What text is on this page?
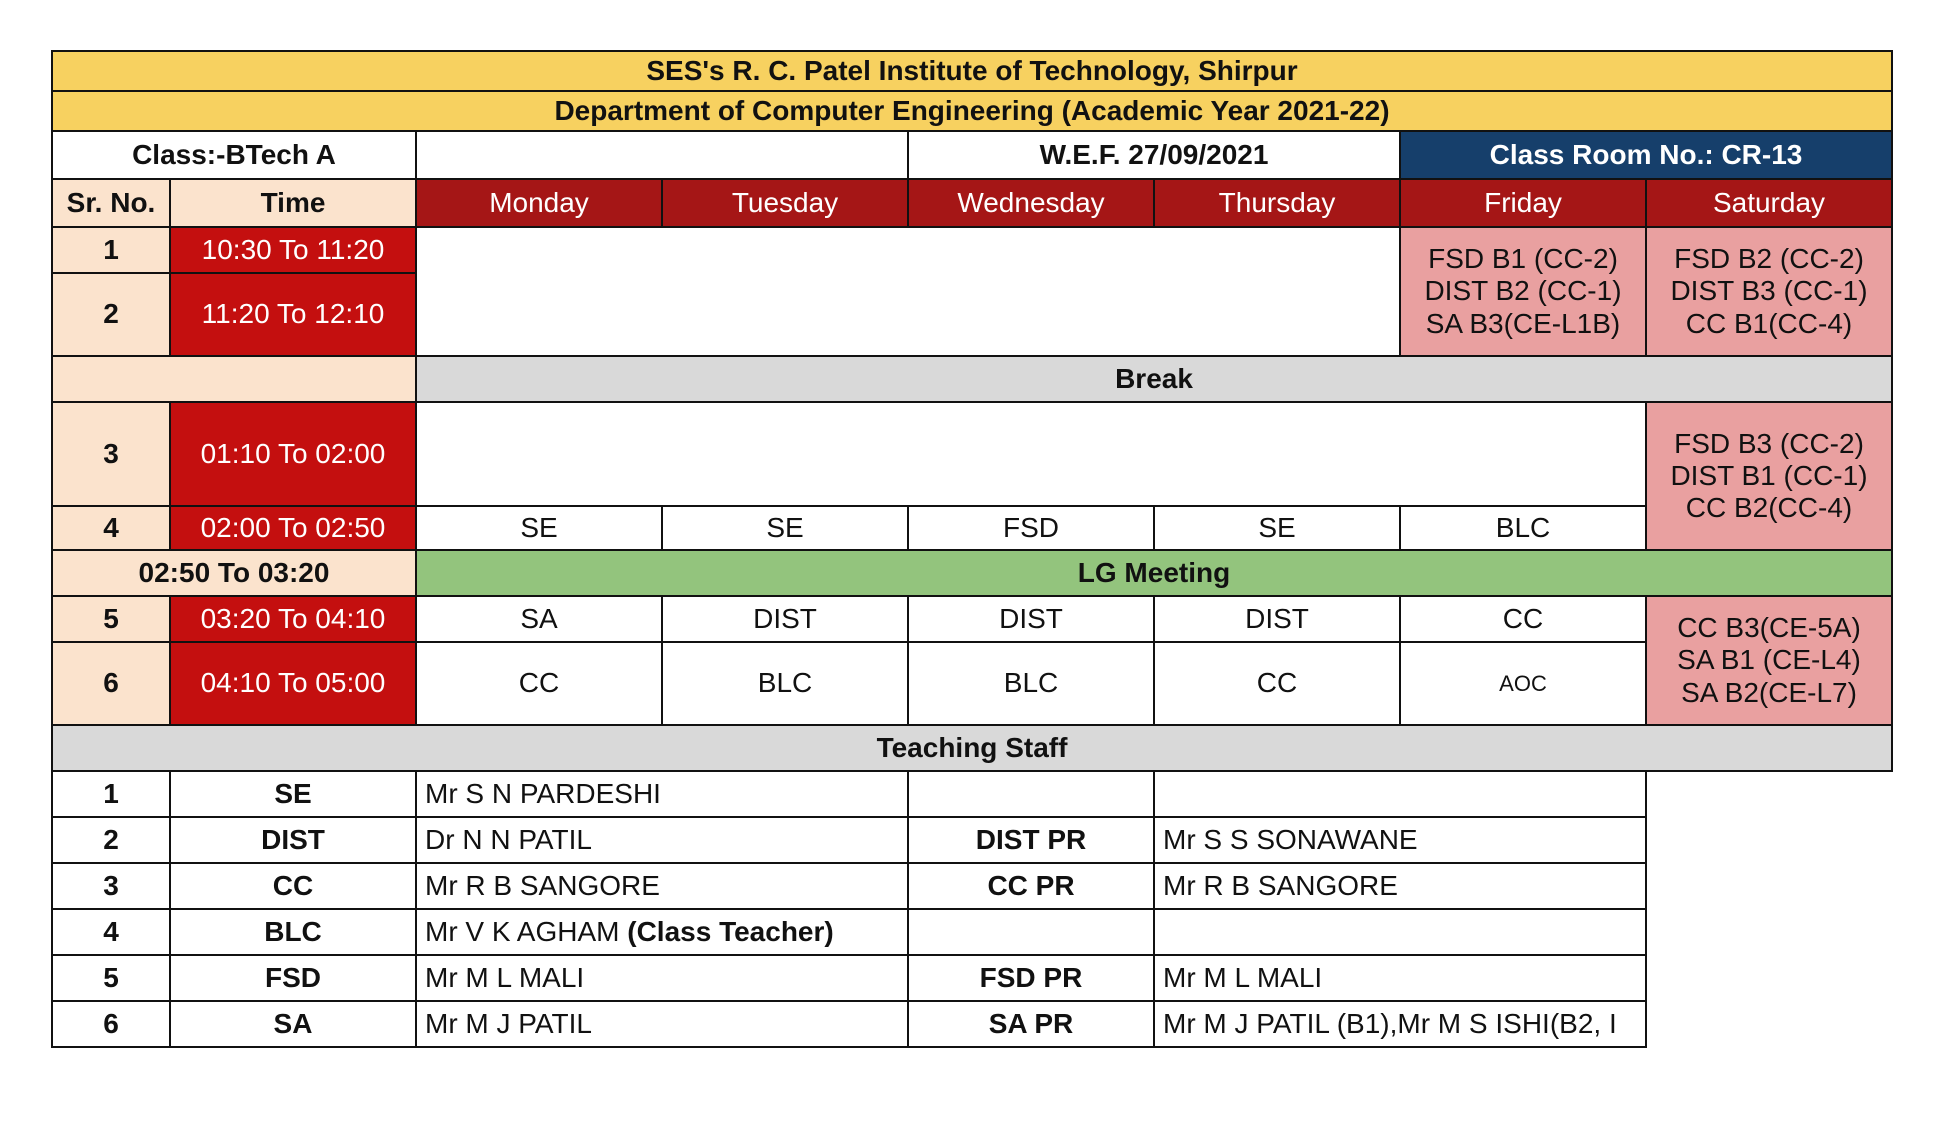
SES's R. C. Patel Institute of Technology, Shirpur							
Department of Computer Engineering (Academic Year 2021-22)							
Class:-BTech A				W.E.F. 27/09/2021		Class Room No.: CR-13	
Sr. No.	Time	Monday	Tuesday	Wednesday	Thursday	Friday	Saturday
1	10:30 To 11:20					FSD B1 (CC-2)
DIST B2 (CC-1)
SA B3(CE-L1B)	FSD B2 (CC-2)
DIST B3 (CC-1)
CC B1(CC-4)

2	11:20 To 12:10						
		Break					
3	01:10 To 02:00						FSD B3 (CC-2)
DIST B1 (CC-1)
CC B2(CC-4)

4	02:00 To 02:50	SE	SE	FSD	SE	BLC	
02:50 To 03:20		LG Meeting					
5	03:20 To 04:10	SA	DIST	DIST	DIST	CC	CC B3(CE-5A)
SA B1 (CE-L4)
SA B2(CE-L7)

6	04:10 To 05:00	CC	BLC	BLC	CC	AOC	
Teaching Staff							
1	SE	Mr S N PARDESHI					
2	DIST	Dr N N PATIL		DIST PR	Mr S S SONAWANE		
3	CC	Mr R B SANGORE		CC PR	Mr R B SANGORE		
4	BLC	Mr V K AGHAM (Class Teacher)					
5	FSD	Mr M L MALI		FSD PR	Mr M L MALI		
6	SA	Mr M J PATIL		SA PR	Mr M J PATIL (B1),Mr M S ISHI(B2, I		
